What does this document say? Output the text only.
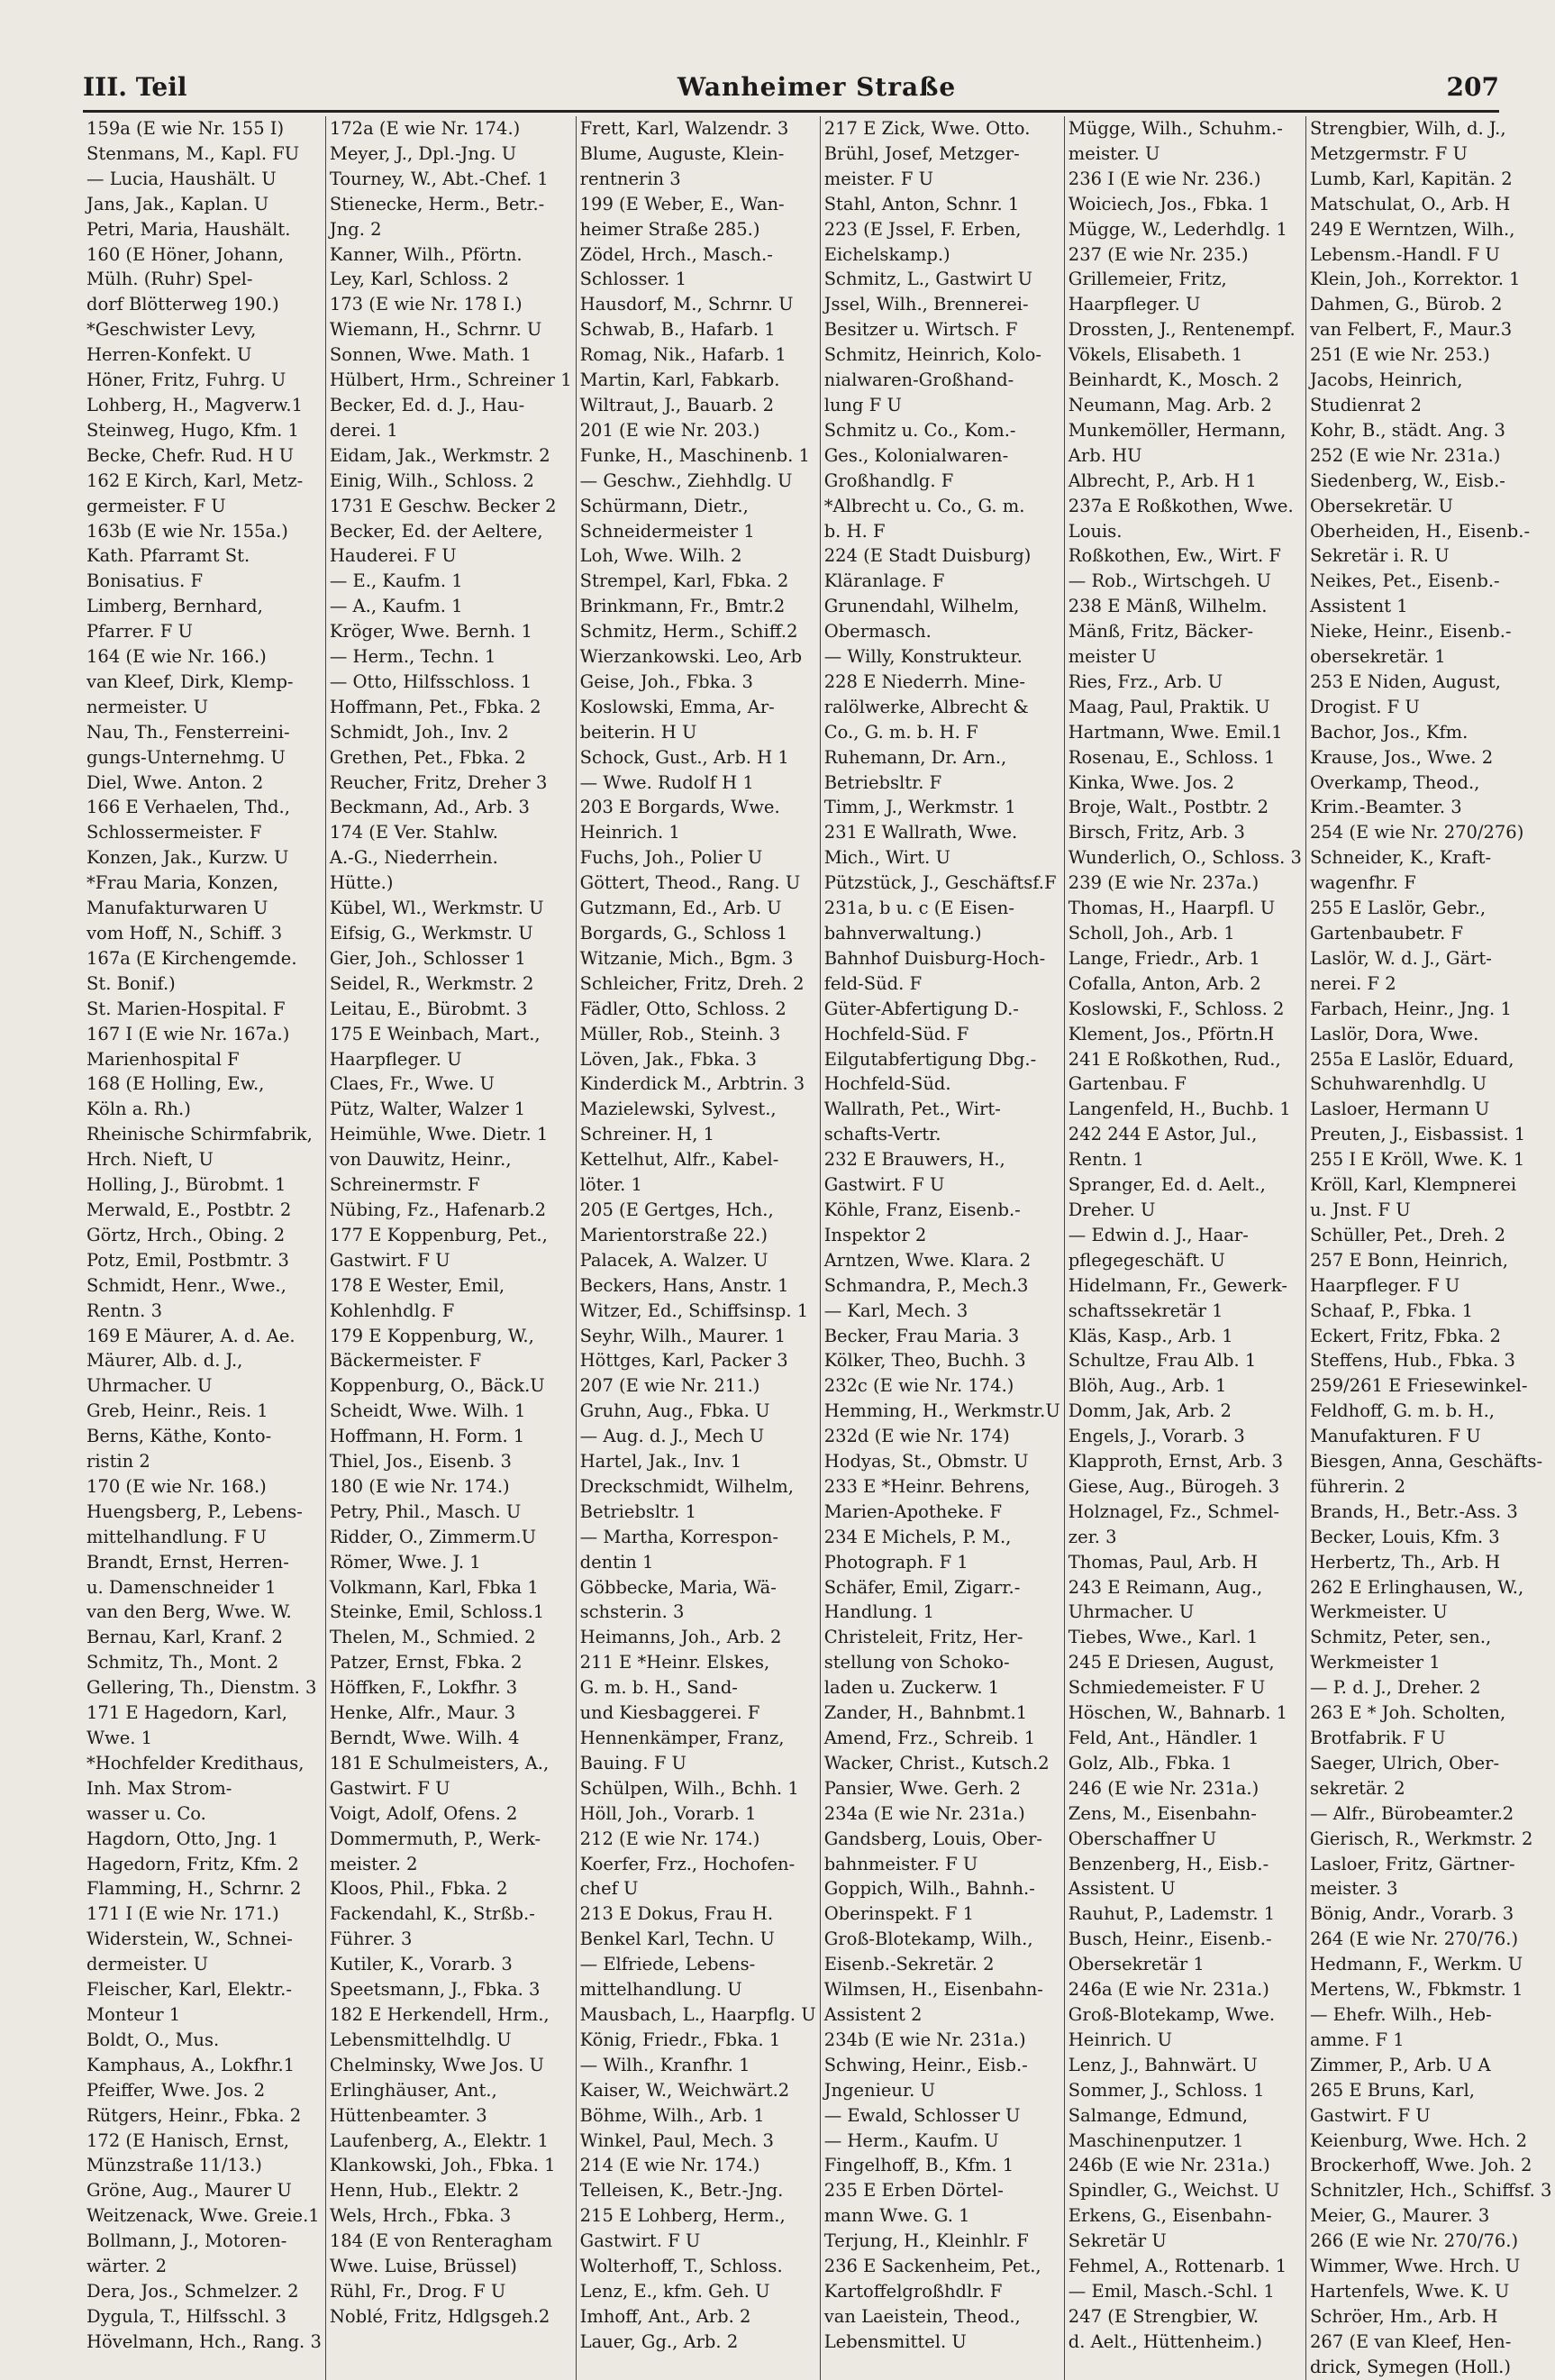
III. Teil	Wanheimer Straße	207
159a (E wie Nr. 155 I)
Stenmans, M., Kapl. FU
— Lucia, Haushält. U
Jans, Jak., Kaplan. U
Petri, Maria, Haushält.
160 (E Höner, Johann,
Mülh. (Ruhr) Spel-
dorf Blötterweg 190.)
*Geschwister Levy,
Herren-Konfekt. U
Höner, Fritz, Fuhrg. U
Lohberg, H., Magverw.1
Steinweg, Hugo, Kfm. 1
Becke, Chefr. Rud. H U
162 E Kirch, Karl, Metz-
germeister. F U
163b (E wie Nr. 155a.)
Kath. Pfarramt St.
Bonisatius. F
Limberg, Bernhard,
Pfarrer. F U
164 (E wie Nr. 166.)
van Kleef, Dirk, Klemp-
nermeister. U
Nau, Th., Fensterreini-
gungs-Unternehmg. U
Diel, Wwe. Anton. 2
166 E Verhaelen, Thd.,
Schlossermeister. F
Konzen, Jak., Kurzw. U
*Frau Maria, Konzen,
Manufakturwaren U
vom Hoff, N., Schiff. 3
167a (E Kirchengemde.
St. Bonif.)
St. Marien-Hospital. F
167 I (E wie Nr. 167a.)
Marienhospital F
168 (E Holling, Ew.,
Köln a. Rh.)
Rheinische Schirmfabrik,
Hrch. Nieft, U
Holling, J., Bürobmt. 1
Merwald, E., Postbtr. 2
Görtz, Hrch., Obing. 2
Potz, Emil, Postbmtr. 3
Schmidt, Henr., Wwe.,
Rentn. 3
169 E Mäurer, A. d. Ae.
Mäurer, Alb. d. J.,
Uhrmacher. U
Greb, Heinr., Reis. 1
Berns, Käthe, Konto-
ristin 2
170 (E wie Nr. 168.)
Huengsberg, P., Lebens-
mittelhandlung. F U
Brandt, Ernst, Herren-
u. Damenschneider 1
van den Berg, Wwe. W.
Bernau, Karl, Kranf. 2
Schmitz, Th., Mont. 2
Gellering, Th., Dienstm. 3
171 E Hagedorn, Karl,
Wwe. 1
*Hochfelder Kredithaus,
Inh. Max Strom-
wasser u. Co.
Hagdorn, Otto, Jng. 1
Hagedorn, Fritz, Kfm. 2
Flamming, H., Schrnr. 2
171 I (E wie Nr. 171.)
Widerstein, W., Schnei-
dermeister. U
Fleischer, Karl, Elektr.-
Monteur 1
Boldt, O., Mus.
Kamphaus, A., Lokfhr.1
Pfeiffer, Wwe. Jos. 2
Rütgers, Heinr., Fbka. 2
172 (E Hanisch, Ernst,
Münzstraße 11/13.)
Gröne, Aug., Maurer U
Weitzenack, Wwe. Greie.1
Bollmann, J., Motoren-
wärter. 2
Dera, Jos., Schmelzer. 2
Dygula, T., Hilfsschl. 3
Hövelmann, Hch., Rang. 3
172a (E wie Nr. 174.)
Meyer, J., Dpl.-Jng. U
Tourney, W., Abt.-Chef. 1
Stienecke, Herm., Betr.-
Jng. 2
Kanner, Wilh., Pförtn.
Ley, Karl, Schloss. 2
173 (E wie Nr. 178 I.)
Wiemann, H., Schrnr. U
Sonnen, Wwe. Math. 1
Hülbert, Hrm., Schreiner 1
Becker, Ed. d. J., Hau-
derei. 1
Eidam, Jak., Werkmstr. 2
Einig, Wilh., Schloss. 2
1731 E Geschw. Becker 2
Becker, Ed. der Aeltere,
Hauderei. F U
— E., Kaufm. 1
— A., Kaufm. 1
Kröger, Wwe. Bernh. 1
— Herm., Techn. 1
— Otto, Hilfsschloss. 1
Hoffmann, Pet., Fbka. 2
Schmidt, Joh., Inv. 2
Grethen, Pet., Fbka. 2
Reucher, Fritz, Dreher 3
Beckmann, Ad., Arb. 3
174 (E Ver. Stahlw.
A.-G., Niederrhein.
Hütte.)
Kübel, Wl., Werkmstr. U
Eifsig, G., Werkmstr. U
Gier, Joh., Schlosser 1
Seidel, R., Werkmstr. 2
Leitau, E., Bürobmt. 3
175 E Weinbach, Mart.,
Haarpfleger. U
Claes, Fr., Wwe. U
Pütz, Walter, Walzer 1
Heimühle, Wwe. Dietr. 1
von Dauwitz, Heinr.,
Schreinermstr. F
Nübing, Fz., Hafenarb.2
177 E Koppenburg, Pet.,
Gastwirt. F U
178 E Wester, Emil,
Kohlenhdlg. F
179 E Koppenburg, W.,
Bäckermeister. F
Koppenburg, O., Bäck.U
Scheidt, Wwe. Wilh. 1
Hoffmann, H. Form. 1
Thiel, Jos., Eisenb. 3
180 (E wie Nr. 174.)
Petry, Phil., Masch. U
Ridder, O., Zimmerm.U
Römer, Wwe. J. 1
Volkmann, Karl, Fbka 1
Steinke, Emil, Schloss.1
Thelen, M., Schmied. 2
Patzer, Ernst, Fbka. 2
Höffken, F., Lokfhr. 3
Henke, Alfr., Maur. 3
Berndt, Wwe. Wilh. 4
181 E Schulmeisters, A.,
Gastwirt. F U
Voigt, Adolf, Ofens. 2
Dommermuth, P., Werk-
meister. 2
Kloos, Phil., Fbka. 2
Fackendahl, K., Strßb.-
Führer. 3
Kutiler, K., Vorarb. 3
Speetsmann, J., Fbka. 3
182 E Herkendell, Hrm.,
Lebensmittelhdlg. U
Chelminsky, Wwe Jos. U
Erlinghäuser, Ant.,
Hüttenbeamter. 3
Laufenberg, A., Elektr. 1
Klankowski, Joh., Fbka. 1
Henn, Hub., Elektr. 2
Wels, Hrch., Fbka. 3
184 (E von Renteragham
Wwe. Luise, Brüssel)
Rühl, Fr., Drog. F U
Noblé, Fritz, Hdlgsgeh.2
Frett, Karl, Walzendr. 3
Blume, Auguste, Klein-
rentnerin 3
199 (E Weber, E., Wan-
heimer Straße 285.)
Zödel, Hrch., Masch.-
Schlosser. 1
Hausdorf, M., Schrnr. U
Schwab, B., Hafarb. 1
Romag, Nik., Hafarb. 1
Martin, Karl, Fabkarb.
Wiltraut, J., Bauarb. 2
201 (E wie Nr. 203.)
Funke, H., Maschinenb. 1
— Geschw., Ziehhdlg. U
Schürmann, Dietr.,
Schneidermeister 1
Loh, Wwe. Wilh. 2
Strempel, Karl, Fbka. 2
Brinkmann, Fr., Bmtr.2
Schmitz, Herm., Schiff.2
Wierzankowski. Leo, Arb
Geise, Joh., Fbka. 3
Koslowski, Emma, Ar-
beiterin. H U
Schock, Gust., Arb. H 1
— Wwe. Rudolf H 1
203 E Borgards, Wwe.
Heinrich. 1
Fuchs, Joh., Polier U
Göttert, Theod., Rang. U
Gutzmann, Ed., Arb. U
Borgards, G., Schloss 1
Witzanie, Mich., Bgm. 3
Schleicher, Fritz, Dreh. 2
Fädler, Otto, Schloss. 2
Müller, Rob., Steinh. 3
Löven, Jak., Fbka. 3
Kinderdick M., Arbtrin. 3
Mazielewski, Sylvest.,
Schreiner. H, 1
Kettelhut, Alfr., Kabel-
löter. 1
205 (E Gertges, Hch.,
Marientorstraße 22.)
Palacek, A. Walzer. U
Beckers, Hans, Anstr. 1
Witzer, Ed., Schiffsinsp. 1
Seyhr, Wilh., Maurer. 1
Höttges, Karl, Packer 3
207 (E wie Nr. 211.)
Gruhn, Aug., Fbka. U
— Aug. d. J., Mech U
Hartel, Jak., Inv. 1
Dreckschmidt, Wilhelm,
Betriebsltr. 1
— Martha, Korrespon-
dentin 1
Göbbecke, Maria, Wä-
schsterin. 3
Heimanns, Joh., Arb. 2
211 E *Heinr. Elskes,
G. m. b. H., Sand-
und Kiesbaggerei. F
Hennenkämper, Franz,
Bauing. F U
Schülpen, Wilh., Bchh. 1
Höll, Joh., Vorarb. 1
212 (E wie Nr. 174.)
Koerfer, Frz., Hochofen-
chef U
213 E Dokus, Frau H.
Benkel Karl, Techn. U
— Elfriede, Lebens-
mittelhandlung. U
Mausbach, L., Haarpflg. U
König, Friedr., Fbka. 1
— Wilh., Kranfhr. 1
Kaiser, W., Weichwärt.2
Böhme, Wilh., Arb. 1
Winkel, Paul, Mech. 3
214 (E wie Nr. 174.)
Telleisen, K., Betr.-Jng.
215 E Lohberg, Herm.,
Gastwirt. F U
Wolterhoff, T., Schloss.
Lenz, E., kfm. Geh. U
Imhoff, Ant., Arb. 2
Lauer, Gg., Arb. 2
217 E Zick, Wwe. Otto.
Brühl, Josef, Metzger-
meister. F U
Stahl, Anton, Schnr. 1
223 (E Jssel, F. Erben,
Eichelskamp.)
Schmitz, L., Gastwirt U
Jssel, Wilh., Brennerei-
Besitzer u. Wirtsch. F
Schmitz, Heinrich, Kolo-
nialwaren-Großhand-
lung F U
Schmitz u. Co., Kom.-
Ges., Kolonialwaren-
Großhandlg. F
*Albrecht u. Co., G. m.
b. H. F
224 (E Stadt Duisburg)
Kläranlage. F
Grunendahl, Wilhelm,
Obermasch.
— Willy, Konstrukteur.
228 E Niederrh. Mine-
ralölwerke, Albrecht &
Co., G. m. b. H. F
Ruhemann, Dr. Arn.,
Betriebsltr. F
Timm, J., Werkmstr. 1
231 E Wallrath, Wwe.
Mich., Wirt. U
Pützstück, J., Geschäftsf.F
231a, b u. c (E Eisen-
bahnverwaltung.)
Bahnhof Duisburg-Hoch-
feld-Süd. F
Güter-Abfertigung D.-
Hochfeld-Süd. F
Eilgutabfertigung Dbg.-
Hochfeld-Süd.
Wallrath, Pet., Wirt-
schafts-Vertr.
232 E Brauwers, H.,
Gastwirt. F U
Köhle, Franz, Eisenb.-
Inspektor 2
Arntzen, Wwe. Klara. 2
Schmandra, P., Mech.3
— Karl, Mech. 3
Becker, Frau Maria. 3
Kölker, Theo, Buchh. 3
232c (E wie Nr. 174.)
Hemming, H., Werkmstr.U
232d (E wie Nr. 174)
Hodyas, St., Obmstr. U
233 E *Heinr. Behrens,
Marien-Apotheke. F
234 E Michels, P. M.,
Photograph. F 1
Schäfer, Emil, Zigarr.-
Handlung. 1
Christeleit, Fritz, Her-
stellung von Schoko-
laden u. Zuckerw. 1
Zander, H., Bahnbmt.1
Amend, Frz., Schreib. 1
Wacker, Christ., Kutsch.2
Pansier, Wwe. Gerh. 2
234a (E wie Nr. 231a.)
Gandsberg, Louis, Ober-
bahnmeister. F U
Goppich, Wilh., Bahnh.-
Oberinspekt. F 1
Groß-Blotekamp, Wilh.,
Eisenb.-Sekretär. 2
Wilmsen, H., Eisenbahn-
Assistent 2
234b (E wie Nr. 231a.)
Schwing, Heinr., Eisb.-
Jngenieur. U
— Ewald, Schlosser U
— Herm., Kaufm. U
Fingelhoff, B., Kfm. 1
235 E Erben Dörtel-
mann Wwe. G. 1
Terjung, H., Kleinhlr. F
236 E Sackenheim, Pet.,
Kartoffelgroßhdlr. F
van Laeistein, Theod.,
Lebensmittel. U
Mügge, Wilh., Schuhm.-
meister. U
236 I (E wie Nr. 236.)
Woiciech, Jos., Fbka. 1
Mügge, W., Lederhdlg. 1
237 (E wie Nr. 235.)
Grillemeier, Fritz,
Haarpfleger. U
Drossten, J., Rentenempf.
Vökels, Elisabeth. 1
Beinhardt, K., Mosch. 2
Neumann, Mag. Arb. 2
Munkemöller, Hermann,
Arb. HU
Albrecht, P., Arb. H 1
237a E Roßkothen, Wwe.
Louis.
Roßkothen, Ew., Wirt. F
— Rob., Wirtschgeh. U
238 E Mänß, Wilhelm.
Mänß, Fritz, Bäcker-
meister U
Ries, Frz., Arb. U
Maag, Paul, Praktik. U
Hartmann, Wwe. Emil.1
Rosenau, E., Schloss. 1
Kinka, Wwe. Jos. 2
Broje, Walt., Postbtr. 2
Birsch, Fritz, Arb. 3
Wunderlich, O., Schloss. 3
239 (E wie Nr. 237a.)
Thomas, H., Haarpfl. U
Scholl, Joh., Arb. 1
Lange, Friedr., Arb. 1
Cofalla, Anton, Arb. 2
Koslowski, F., Schloss. 2
Klement, Jos., Pförtn.H
241 E Roßkothen, Rud.,
Gartenbau. F
Langenfeld, H., Buchb. 1
242 244 E Astor, Jul.,
Rentn. 1
Spranger, Ed. d. Aelt.,
Dreher. U
— Edwin d. J., Haar-
pflegegeschäft. U
Hidelmann, Fr., Gewerk-
schaftssekretär 1
Kläs, Kasp., Arb. 1
Schultze, Frau Alb. 1
Blöh, Aug., Arb. 1
Domm, Jak, Arb. 2
Engels, J., Vorarb. 3
Klapproth, Ernst, Arb. 3
Giese, Aug., Bürogeh. 3
Holznagel, Fz., Schmel-
zer. 3
Thomas, Paul, Arb. H
243 E Reimann, Aug.,
Uhrmacher. U
Tiebes, Wwe., Karl. 1
245 E Driesen, August,
Schmiedemeister. F U
Höschen, W., Bahnarb. 1
Feld, Ant., Händler. 1
Golz, Alb., Fbka. 1
246 (E wie Nr. 231a.)
Zens, M., Eisenbahn-
Oberschaffner U
Benzenberg, H., Eisb.-
Assistent. U
Rauhut, P., Lademstr. 1
Busch, Heinr., Eisenb.-
Obersekretär 1
246a (E wie Nr. 231a.)
Groß-Blotekamp, Wwe.
Heinrich. U
Lenz, J., Bahnwärt. U
Sommer, J., Schloss. 1
Salmange, Edmund,
Maschinenputzer. 1
246b (E wie Nr. 231a.)
Spindler, G., Weichst. U
Erkens, G., Eisenbahn-
Sekretär U
Fehmel, A., Rottenarb. 1
— Emil, Masch.-Schl. 1
247 (E Strengbier, W.
d. Aelt., Hüttenheim.)
Strengbier, Wilh, d. J.,
Metzgermstr. F U
Lumb, Karl, Kapitän. 2
Matschulat, O., Arb. H
249 E Werntzen, Wilh.,
Lebensm.-Handl. F U
Klein, Joh., Korrektor. 1
Dahmen, G., Bürob. 2
van Felbert, F., Maur.3
251 (E wie Nr. 253.)
Jacobs, Heinrich,
Studienrat 2
Kohr, B., städt. Ang. 3
252 (E wie Nr. 231a.)
Siedenberg, W., Eisb.-
Obersekretär. U
Oberheiden, H., Eisenb.-
Sekretär i. R. U
Neikes, Pet., Eisenb.-
Assistent 1
Nieke, Heinr., Eisenb.-
obersekretär. 1
253 E Niden, August,
Drogist. F U
Bachor, Jos., Kfm.
Krause, Jos., Wwe. 2
Overkamp, Theod.,
Krim.-Beamter. 3
254 (E wie Nr. 270/276)
Schneider, K., Kraft-
wagenfhr. F
255 E Laslör, Gebr.,
Gartenbaubetr. F
Laslör, W. d. J., Gärt-
nerei. F 2
Farbach, Heinr., Jng. 1
Laslör, Dora, Wwe.
255a E Laslör, Eduard,
Schuhwarenhdlg. U
Lasloer, Hermann U
Preuten, J., Eisbassist. 1
255 I E Kröll, Wwe. K. 1
Kröll, Karl, Klempnerei
u. Jnst. F U
Schüller, Pet., Dreh. 2
257 E Bonn, Heinrich,
Haarpfleger. F U
Schaaf, P., Fbka. 1
Eckert, Fritz, Fbka. 2
Steffens, Hub., Fbka. 3
259/261 E Friesewinkel-
Feldhoff, G. m. b. H.,
Manufakturen. F U
Biesgen, Anna, Geschäfts-
führerin. 2
Brands, H., Betr.-Ass. 3
Becker, Louis, Kfm. 3
Herbertz, Th., Arb. H
262 E Erlinghausen, W.,
Werkmeister. U
Schmitz, Peter, sen.,
Werkmeister 1
— P. d. J., Dreher. 2
263 E * Joh. Scholten,
Brotfabrik. F U
Saeger, Ulrich, Ober-
sekretär. 2
— Alfr., Bürobeamter.2
Gierisch, R., Werkmstr. 2
Lasloer, Fritz, Gärtner-
meister. 3
Bönig, Andr., Vorarb. 3
264 (E wie Nr. 270/76.)
Hedmann, F., Werkm. U
Mertens, W., Fbkmstr. 1
— Ehefr. Wilh., Heb-
amme. F 1
Zimmer, P., Arb. U A
265 E Bruns, Karl,
Gastwirt. F U
Keienburg, Wwe. Hch. 2
Brockerhoff, Wwe. Joh. 2
Schnitzler, Hch., Schiffsf. 3
Meier, G., Maurer. 3
266 (E wie Nr. 270/76.)
Wimmer, Wwe. Hrch. U
Hartenfels, Wwe. K. U
Schröer, Hm., Arb. H
267 (E van Kleef, Hen-
drick, Symegen (Holl.)
